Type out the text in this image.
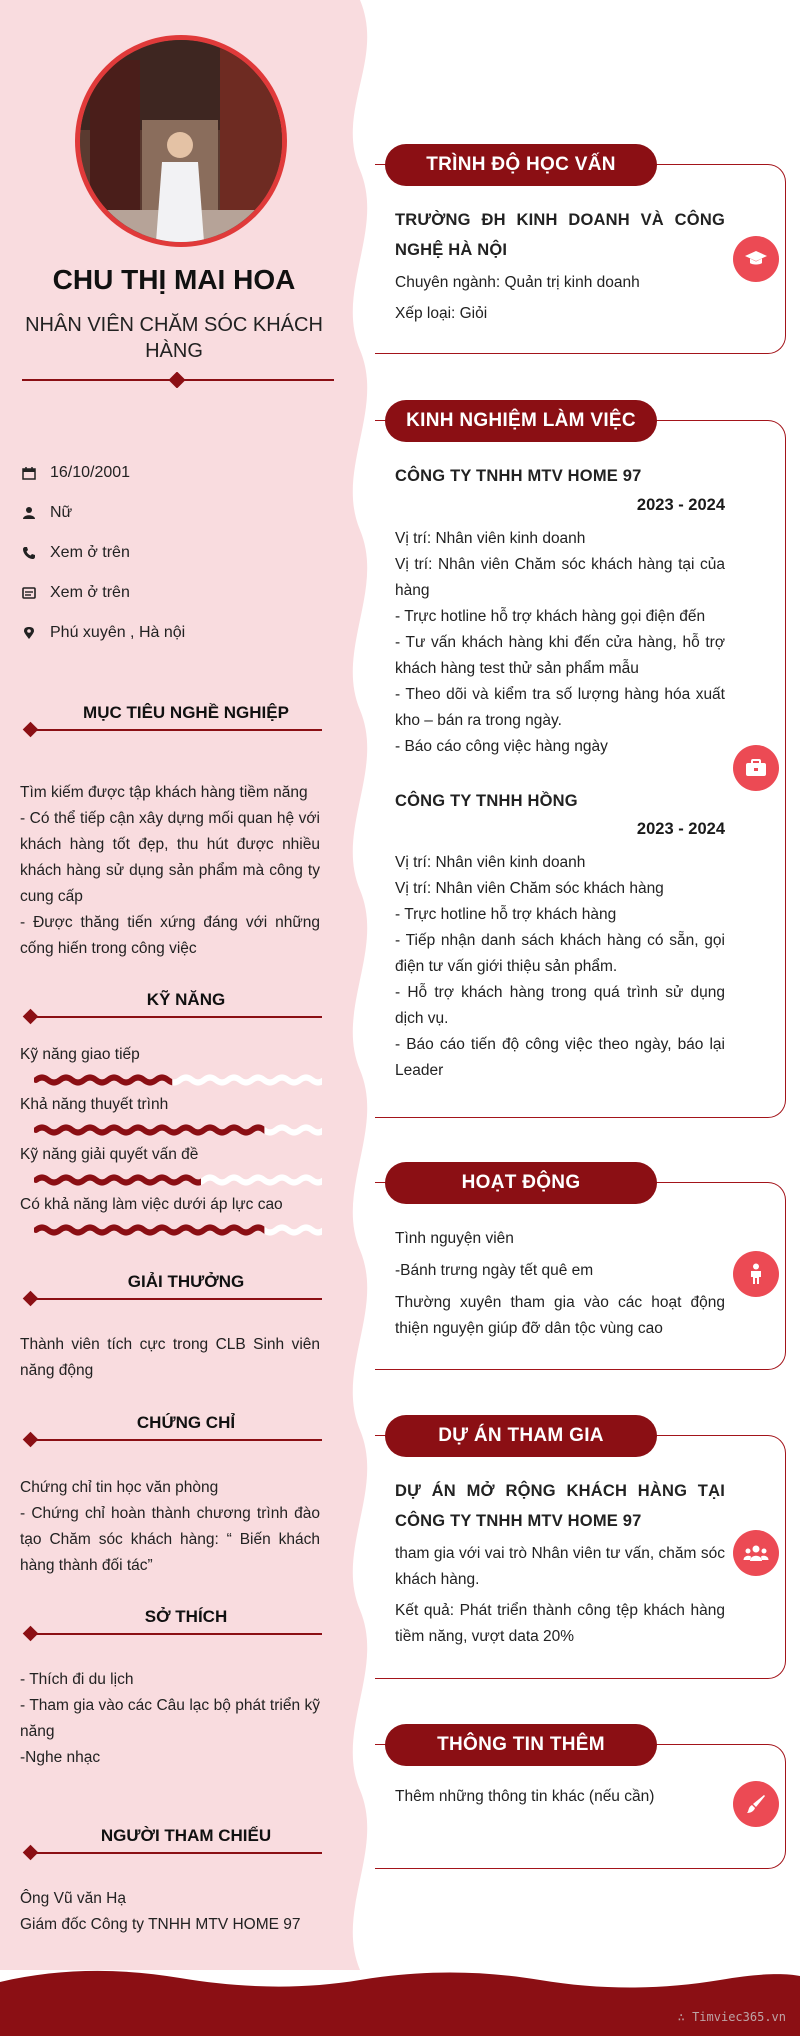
CHU THỊ MAI HOA
NHÂN VIÊN CHĂM SÓC KHÁCH HÀNG
16/10/2001
Nữ
Xem ở trên
Xem ở trên
Phú xuyên , Hà nội
MỤC TIÊU NGHỀ NGHIỆP
Tìm kiếm được tập khách hàng tiềm năng
- Có thể tiếp cận xây dựng mối quan hệ với khách hàng tốt đẹp, thu hút được nhiều khách hàng sử dụng sản phẩm mà công ty cung cấp
- Được thăng tiến xứng đáng với những cống hiến trong công việc
KỸ NĂNG
Kỹ năng giao tiếp
Khả năng thuyết trình
Kỹ năng giải quyết vấn đề
Có khả năng làm việc dưới áp lực cao
GIẢI THƯỞNG
Thành viên tích cực trong CLB Sinh viên năng động
CHỨNG CHỈ
Chứng chỉ tin học văn phòng
- Chứng chỉ hoàn thành chương trình đào tạo Chăm sóc khách hàng: “ Biến khách hàng thành đối tác”
SỞ THÍCH
- Thích đi du lịch
- Tham gia vào các Câu lạc bộ phát triển kỹ năng
-Nghe nhạc
NGƯỜI THAM CHIẾU
Ông Vũ văn Hạ
Giám đốc Công ty TNHH MTV HOME 97
TRÌNH ĐỘ HỌC VẤN
TRƯỜNG ĐH KINH DOANH VÀ CÔNG NGHỆ HÀ NỘI
Chuyên ngành: Quản trị kinh doanh
Xếp loại: Giỏi
KINH NGHIỆM LÀM VIỆC
CÔNG TY TNHH MTV HOME 97
2023 - 2024
Vị trí: Nhân viên kinh doanh
Vị trí: Nhân viên Chăm sóc khách hàng tại của hàng
- Trực hotline hỗ trợ khách hàng gọi điện đến
- Tư vấn khách hàng khi đến cửa hàng, hỗ trợ khách hàng test thử sản phẩm mẫu
- Theo dõi và kiểm tra số lượng hàng hóa xuất kho – bán ra trong ngày.
- Báo cáo công việc hàng ngày
CÔNG TY TNHH HỒNG
2023 - 2024
Vị trí: Nhân viên kinh doanh
Vị trí: Nhân viên Chăm sóc khách hàng
- Trực hotline hỗ trợ khách hàng
- Tiếp nhận danh sách khách hàng có sẵn, gọi điện tư vấn giới thiệu sản phẩm.
- Hỗ trợ khách hàng trong quá trình sử dụng dịch vụ.
- Báo cáo tiến độ công việc theo ngày, báo lại Leader
HOẠT ĐỘNG
Tình nguyện viên
-Bánh trưng ngày tết quê em
Thường xuyên tham gia vào các hoạt động thiện nguyện giúp đỡ dân tộc vùng cao
DỰ ÁN THAM GIA
DỰ ÁN MỞ RỘNG KHÁCH HÀNG TẠI CÔNG TY TNHH MTV HOME 97
tham gia với vai trò Nhân viên tư vấn, chăm sóc khách hàng.
Kết quả: Phát triển thành công tệp khách hàng tiềm năng, vượt data 20%
THÔNG TIN THÊM
Thêm những thông tin khác (nếu cần)
∴ Timviec365.vn
